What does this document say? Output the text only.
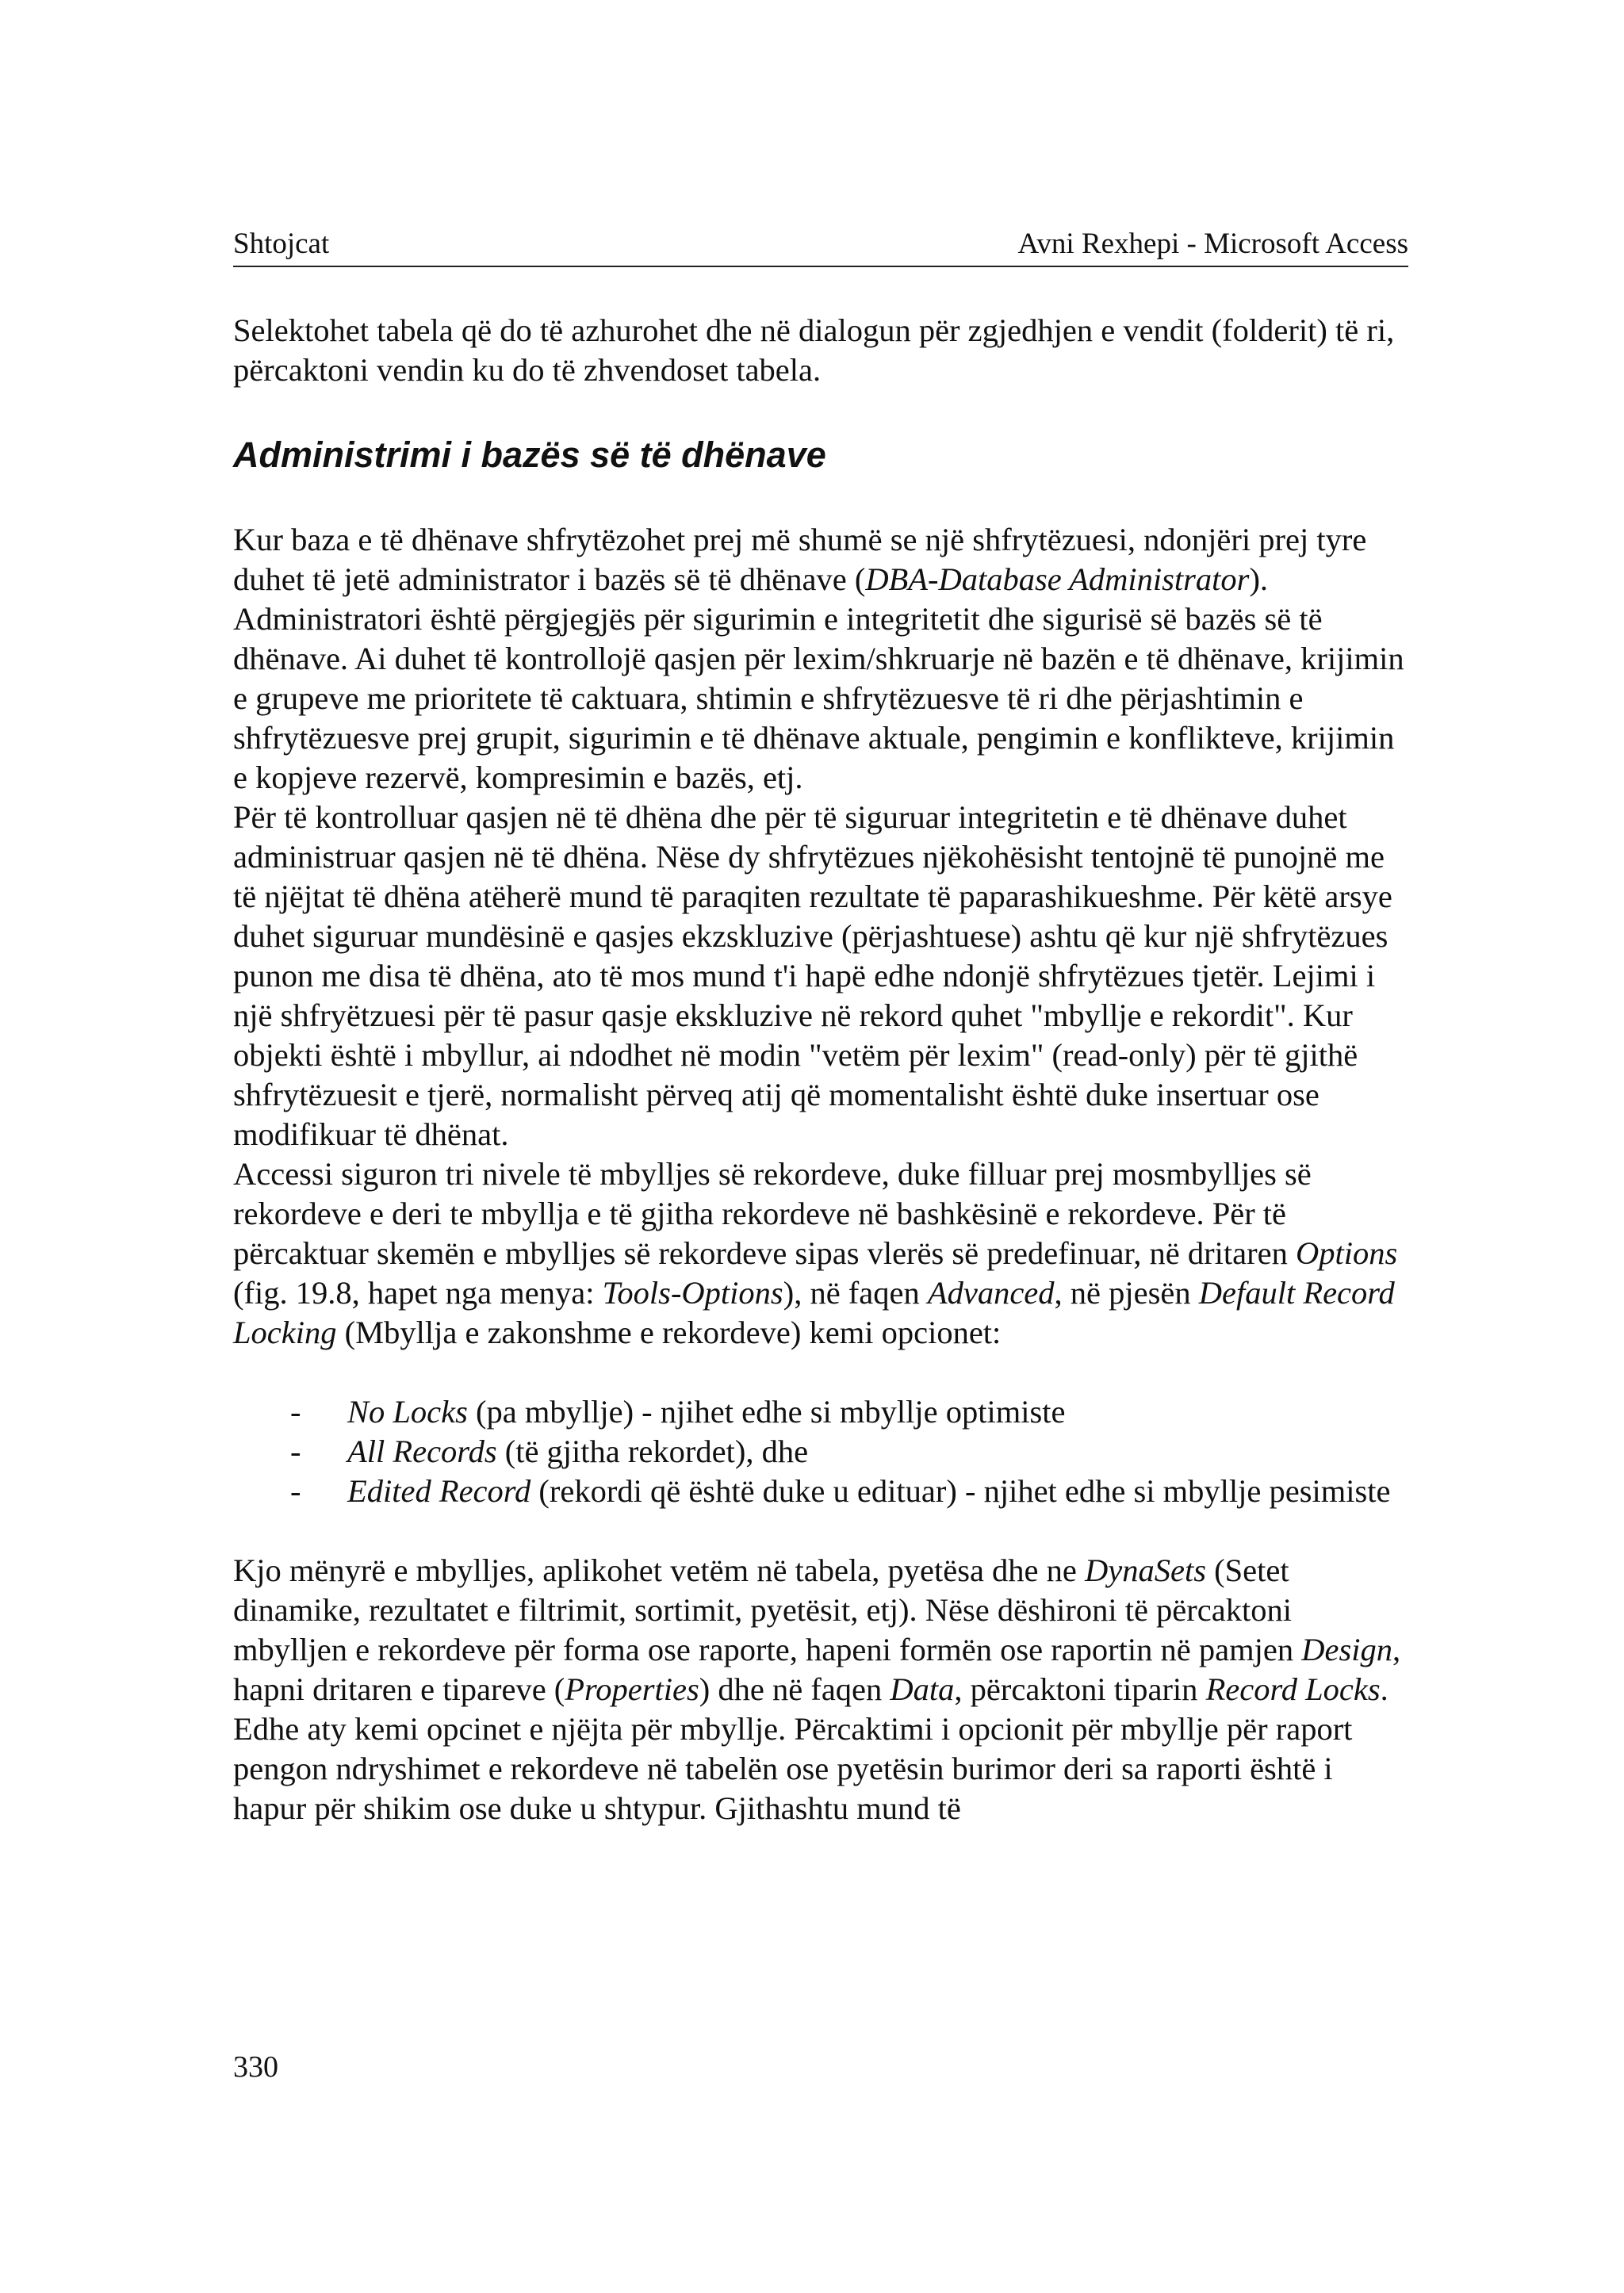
Shtojcat	Avni Rexhepi - Microsoft Access

Selektohet tabela që do të azhurohet dhe në dialogun për zgjedhjen e vendit (folderit) të ri, përcaktoni vendin ku do të zhvendoset tabela.

Administrimi i bazës së të dhënave

Kur baza e të dhënave shfrytëzohet prej më shumë se një shfrytëzuesi, ndonjëri prej tyre duhet të jetë administrator i bazës së të dhënave (DBA-Database Administrator). Administratori është përgjegjës për sigurimin e integritetit dhe sigurisë së bazës së të dhënave. Ai duhet të kontrollojë qasjen për lexim/shkruarje në bazën e të dhënave, krijimin e grupeve me prioritete të caktuara, shtimin e shfrytëzuesve të ri dhe përjashtimin e shfrytëzuesve prej grupit, sigurimin e të dhënave aktuale, pengimin e konflikteve, krijimin e kopjeve rezervë, kompresimin e bazës, etj.

Për të kontrolluar qasjen në të dhëna dhe për të siguruar integritetin e të dhënave duhet administruar qasjen në të dhëna. Nëse dy shfrytëzues njëkohësisht tentojnë të punojnë me të njëjtat të dhëna atëherë mund të paraqiten rezultate të paparashikueshme. Për këtë arsye duhet siguruar mundësinë e qasjes ekzskluzive (përjashtuese) ashtu që kur një shfrytëzues punon me disa të dhëna, ato të mos mund t'i hapë edhe ndonjë shfrytëzues tjetër. Lejimi i një shfryëtzuesi për të pasur qasje ekskluzive në rekord quhet "mbyllje e rekordit". Kur objekti është i mbyllur, ai ndodhet në modin "vetëm për lexim" (read-only) për të gjithë shfrytëzuesit e tjerë, normalisht përveq atij që momentalisht është duke insertuar ose modifikuar të dhënat.

Accessi siguron tri nivele të mbylljes së rekordeve, duke filluar prej mosmbylljes së rekordeve e deri te mbyllja e të gjitha rekordeve në bashkësinë e rekordeve. Për të përcaktuar skemën e mbylljes së rekordeve sipas vlerës së predefinuar, në dritaren Options (fig. 19.8, hapet nga menya: Tools-Options), në faqen Advanced, në pjesën Default Record Locking (Mbyllja e zakonshme e rekordeve) kemi opcionet:

- No Locks (pa mbyllje) - njihet edhe si mbyllje optimiste
- All Records (të gjitha rekordet), dhe
- Edited Record (rekordi që është duke u edituar) - njihet edhe si mbyllje pesimiste

Kjo mënyrë e mbylljes, aplikohet vetëm në tabela, pyetësa dhe ne DynaSets (Setet dinamike, rezultatet e filtrimit, sortimit, pyetësit, etj). Nëse dëshironi të përcaktoni mbylljen e rekordeve për forma ose raporte, hapeni formën ose raportin në pamjen Design, hapni dritaren e tipareve (Properties) dhe në faqen Data, përcaktoni tiparin Record Locks. Edhe aty kemi opcinet e njëjta për mbyllje. Përcaktimi i opcionit për mbyllje për raport pengon ndryshimet e rekordeve në tabelën ose pyetësin burimor deri sa raporti është i hapur për shikim ose duke u shtypur. Gjithashtu mund të

330
